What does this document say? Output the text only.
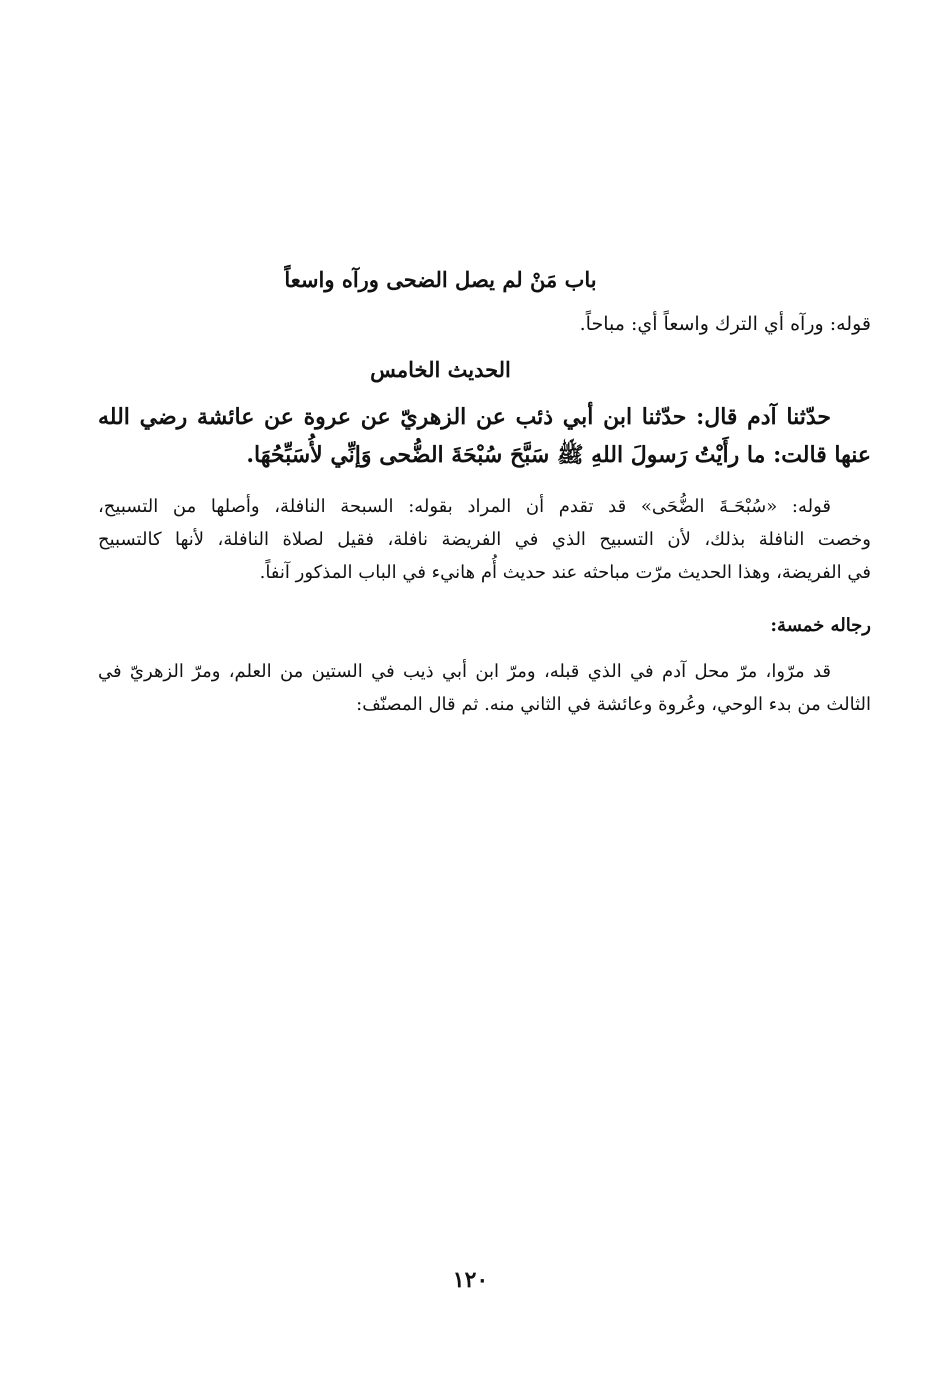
باب مَنْ لم يصل الضحى ورآه واسعاً
قوله: ورآه أي الترك واسعاً أي: مباحاً.
الحديث الخامس
حدّثنا آدم قال: حدّثنا ابن أبي ذئب عن الزهريّ عن عروة عن عائشة رضي الله
عنها قالت: ما رأَيْتُ رَسولَ اللهِ ﷺ سَبَّحَ سُبْحَةَ الضُّحى وَإنِّي لأُسَبِّحُهَا.
قوله: «سُبْحَـةَ الضُّحَى» قد تقدم أن المراد بقوله: السبحة النافلة، وأصلها من التسبيح،
وخصت النافلة بذلك، لأن التسبيح الذي في الفريضة نافلة، فقيل لصلاة النافلة، لأنها كالتسبيح
في الفريضة، وهذا الحديث مرّت مباحثه عند حديث أُم هانيء في الباب المذكور آنفاً.
رجاله خمسة:
قد مرّوا، مرّ محل آدم في الذي قبله، ومرّ ابن أبي ذيب في الستين من العلم، ومرّ الزهريّ في
الثالث من بدء الوحي، وعُروة وعائشة في الثاني منه. ثم قال المصنّف:
١٢٠
